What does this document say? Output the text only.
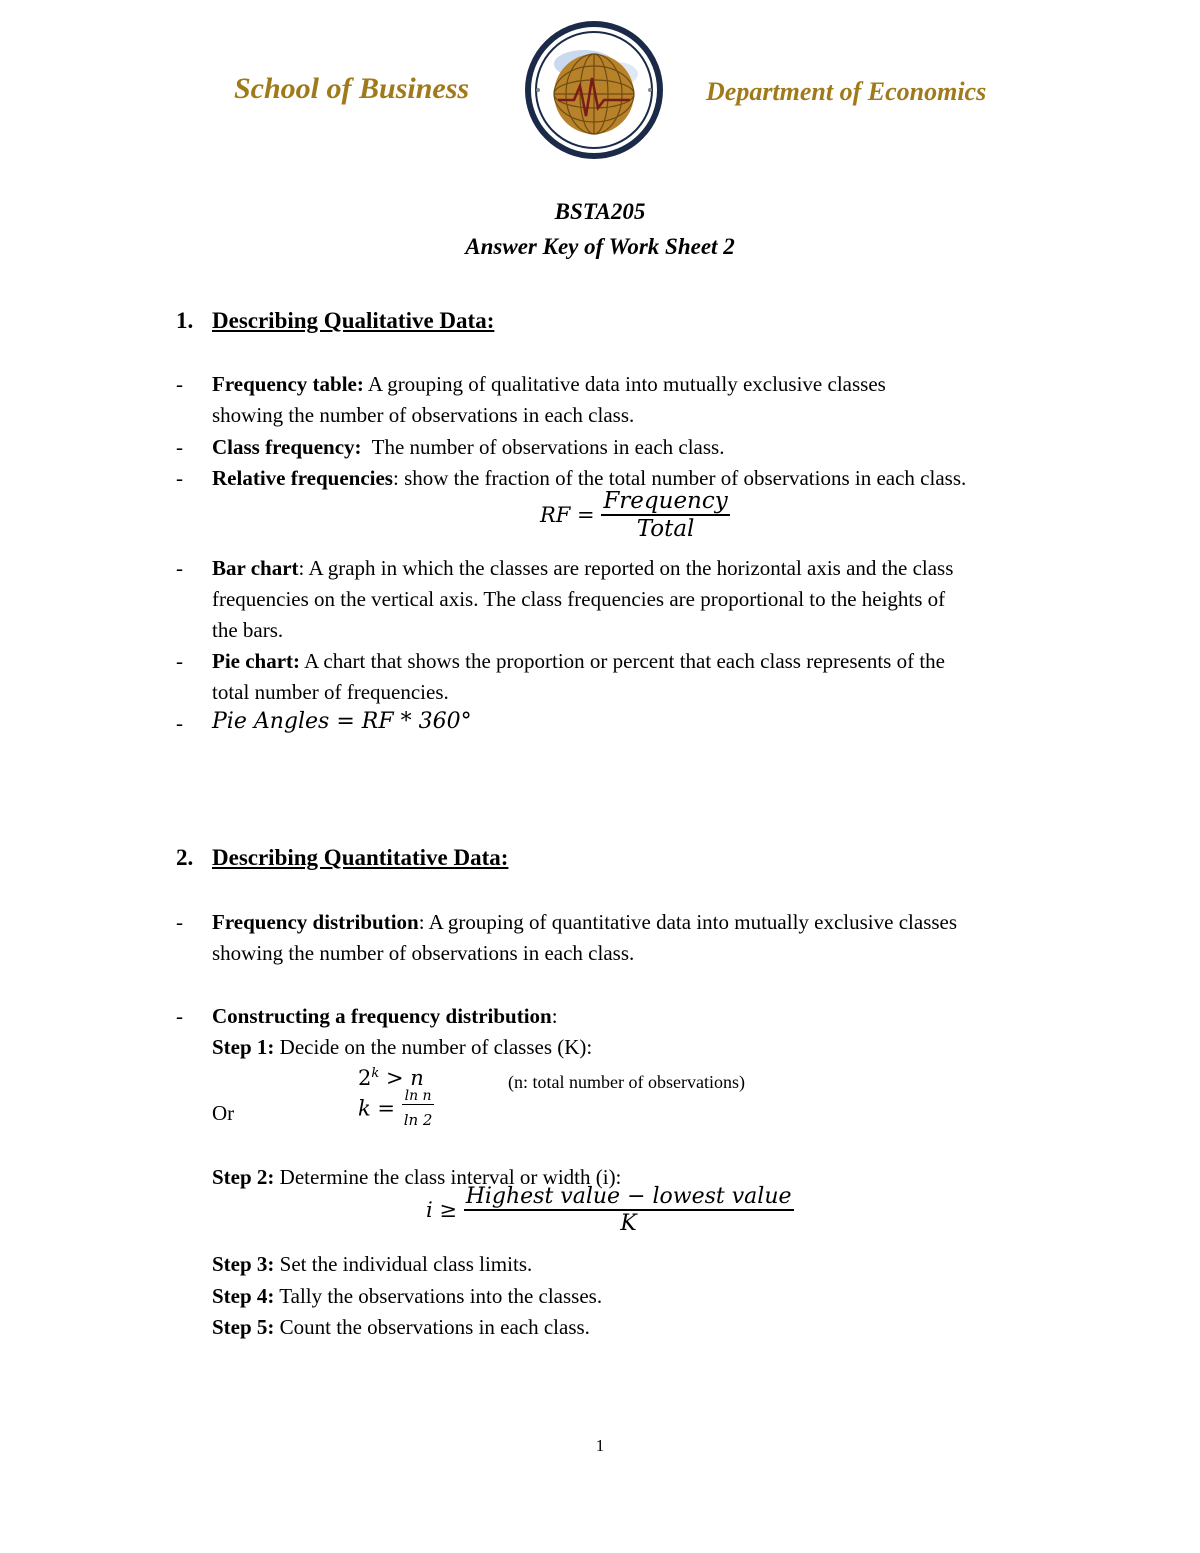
School of Business	Department of Economics
BSTA205
Answer Key of Work Sheet 2
1. Describing Qualitative Data:
- Frequency table: A grouping of qualitative data into mutually exclusive classes
showing the number of observations in each class.
- Class frequency:  The number of observations in each class.
- Relative frequencies: show the fraction of the total number of observations in each class.
RF = $\frac{\text{Frequency}}{\text{Total}}$
- Bar chart: A graph in which the classes are reported on the horizontal axis and the class
frequencies on the vertical axis. The class frequencies are proportional to the heights of
the bars.
- Pie chart: A chart that shows the proportion or percent that each class represents of the
total number of frequencies.
- Pie Angles = RF * 360°
2. Describing Quantitative Data:
- Frequency distribution: A grouping of quantitative data into mutually exclusive classes
showing the number of observations in each class.
- Constructing a frequency distribution:
Step 1: Decide on the number of classes (K):
$2^k > n$	(n: total number of observations)
Or	$k = \frac{\text{ln n}}{\ln 2}$
Step 2: Determine the class interval or width (i):
$i \ge \frac{\text{Highest value − lowest value}}{K}$
Step 3: Set the individual class limits.
Step 4: Tally the observations into the classes.
Step 5: Count the observations in each class.
1
